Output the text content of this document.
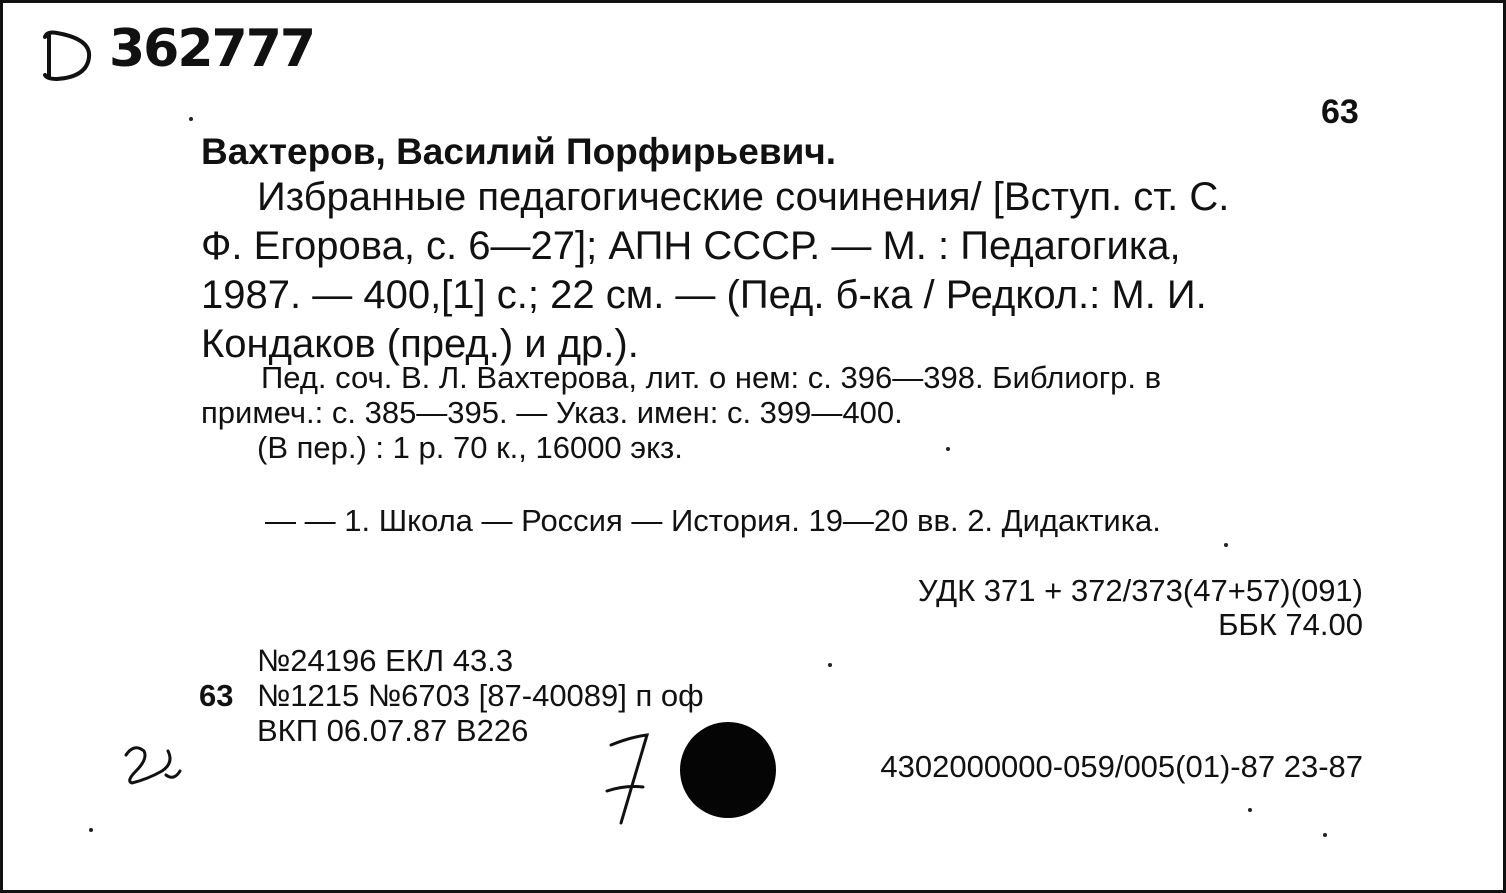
362777
63
Вахтеров, Василий Порфирьевич.
Избранные педагогические сочинения/ [Вступ. ст. С.
Ф. Егорова, с. 6—27]; АПН СССР. — М. : Педагогика,
1987. — 400,[1] с.; 22 см. — (Пед. б-ка / Редкол.: М. И.
Кондаков (пред.) и др.).
Пед. соч. В. Л. Вахтерова, лит. о нем: с. 396—398. Библиогр. в
примеч.: с. 385—395. — Указ. имен: с. 399—400.
(В пер.) : 1 р. 70 к., 16000 экз.
— — 1. Школа — Россия — История. 19—20 вв. 2. Дидактика.
УДК 371 + 372/373(47+57)(091)
ББК 74.00
№24196 ЕКЛ 43.3
63 №1215 №6703 [87-40089] п оф
ВКП 06.07.87 В226
4302000000-059/005(01)-87 23-87
